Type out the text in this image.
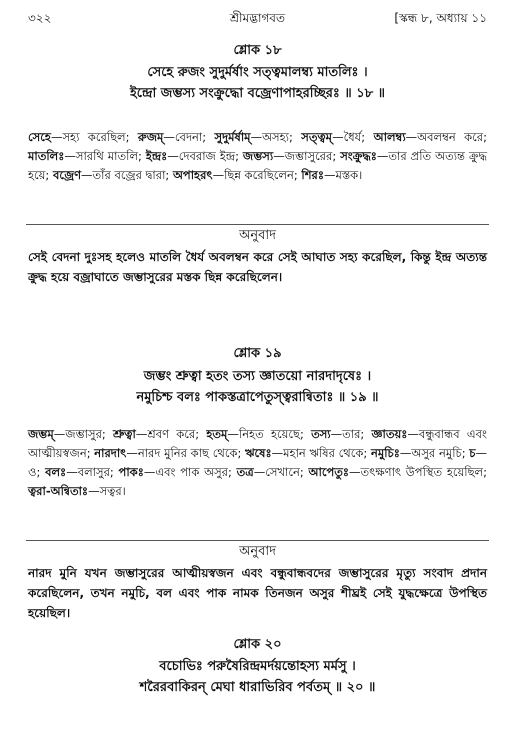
৩২২	শ্রীমদ্ভাগবত	[স্কন্ধ ৮, অধ্যায় ১১
শ্লোক ১৮
সেহে রুজং সুদুর্মর্ষাং সত্ত্বমালম্ব্য মাতলিঃ ।
ইন্দ্রো জম্ভস্য সংক্রুদ্ধো বজ্রেণাপাহরচ্ছিরঃ ॥ ১৮ ॥
সেহে—সহ্য করেছিল; রুজম্—বেদনা; সুদুর্মর্ষাম্—অসহ্য; সত্ত্বম্—ধৈর্য; আলম্ব্য—অবলম্বন করে; মাতলিঃ—সারথি মাতলি; ইন্দ্রঃ—দেবরাজ ইন্দ্র; জম্ভস্য—জম্ভাসুরের; সংক্রুদ্ধঃ—তার প্রতি অত্যন্ত ক্রুদ্ধ হয়ে; বজ্রেণ—তাঁর বজ্রের দ্বারা; অপাহরৎ—ছিন্ন করেছিলেন; শিরঃ—মস্তক।
অনুবাদ
সেই বেদনা দুঃসহ হলেও মাতলি ধৈর্য অবলম্বন করে সেই আঘাত সহ্য করেছিল, কিন্তু ইন্দ্র অত্যন্ত ক্রুদ্ধ হয়ে বজ্রাঘাতে জম্ভাসুরের মস্তক ছিন্ন করেছিলেন।
শ্লোক ১৯
জম্ভং শ্রুত্বা হতং তস্য জ্ঞাতয়ো নারদাদৃষেঃ ।
নমুচিশ্চ বলঃ পাকস্তত্রাপেতুস্ত্বরান্বিতাঃ ॥ ১৯ ॥
জম্ভম্—জম্ভাসুর; শ্রুত্বা—শ্রবণ করে; হতম্—নিহত হয়েছে; তস্য—তার; জ্ঞাতয়ঃ—বন্ধুবান্ধব এবং আত্মীয়স্বজন; নারদাৎ—নারদ মুনির কাছ থেকে; ঋষেঃ—মহান ঋষির থেকে; নমুচিঃ—অসুর নমুচি; চ—ও; বলঃ—বলাসুর; পাকঃ—এবং পাক অসুর; তত্র—সেখানে; আপেতুঃ—তৎক্ষণাৎ উপস্থিত হয়েছিল; ত্বরা-অন্বিতাঃ—সত্বর।
অনুবাদ
নারদ মুনি যখন জম্ভাসুরের আত্মীয়স্বজন এবং বন্ধুবান্ধবদের জম্ভাসুরের মৃত্যু সংবাদ প্রদান করেছিলেন, তখন নমুচি, বল এবং পাক নামক তিনজন অসুর শীঘ্রই সেই যুদ্ধক্ষেত্রে উপস্থিত হয়েছিল।
শ্লোক ২০
বচোভিঃ পরুষৈরিন্দ্রমর্দয়ন্তোহস্য মর্মসু ।
শরৈরবাকিরন্ মেঘা ধারাভিরিব পর্বতম্ ॥ ২০ ॥
